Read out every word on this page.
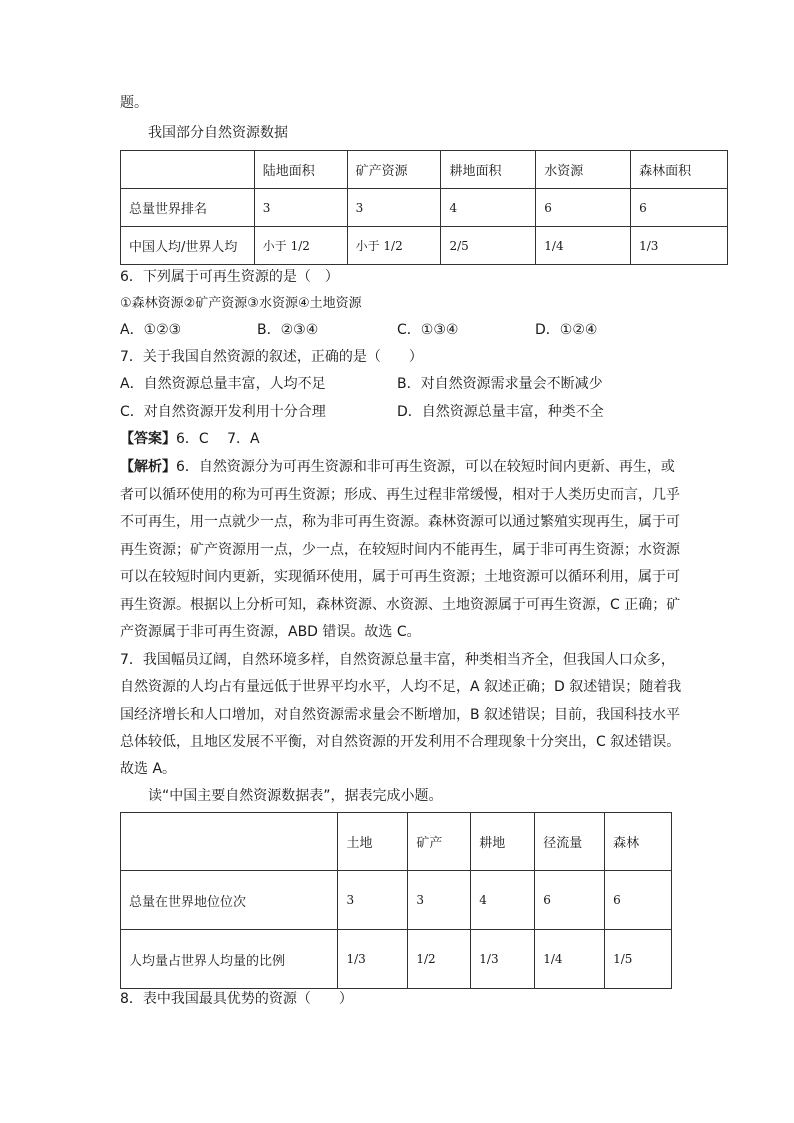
题。
我国部分自然资源数据
	陆地面积	矿产资源	耕地面积	水资源	森林面积
总量世界排名	3	3	4	6	6
中国人均/世界人均	小于 1/2	小于 1/2	2/5	1/4	1/3
6．下列属于可再生资源的是（　）
①森林资源②矿产资源③水资源④土地资源
A．①②③	B．②③④	C．①③④	D．①②④
7．关于我国自然资源的叙述，正确的是（　　）
A．自然资源总量丰富，人均不足	B．对自然资源需求量会不断减少
C．对自然资源开发利用十分合理	D．自然资源总量丰富，种类不全
【答案】6．C　 7．A
【解析】6．自然资源分为可再生资源和非可再生资源，可以在较短时间内更新、再生，或
者可以循环使用的称为可再生资源；形成、再生过程非常缓慢，相对于人类历史而言，几乎
不可再生，用一点就少一点，称为非可再生资源。森林资源可以通过繁殖实现再生，属于可
再生资源；矿产资源用一点，少一点，在较短时间内不能再生，属于非可再生资源；水资源
可以在较短时间内更新，实现循环使用，属于可再生资源；土地资源可以循环利用，属于可
再生资源。根据以上分析可知，森林资源、水资源、土地资源属于可再生资源，C 正确；矿
产资源属于非可再生资源，ABD 错误。故选 C。
7．我国幅员辽阔，自然环境多样，自然资源总量丰富，种类相当齐全，但我国人口众多，
自然资源的人均占有量远低于世界平均水平，人均不足，A 叙述正确；D 叙述错误；随着我
国经济增长和人口增加，对自然资源需求量会不断增加，B 叙述错误；目前，我国科技水平
总体较低，且地区发展不平衡，对自然资源的开发利用不合理现象十分突出，C 叙述错误。
故选 A。
读“中国主要自然资源数据表”，据表完成小题。
	土地	矿产	耕地	径流量	森林
总量在世界地位位次	3	3	4	6	6
人均量占世界人均量的比例	1/3	1/2	1/3	1/4	1/5
8．表中我国最具优势的资源（　　）
